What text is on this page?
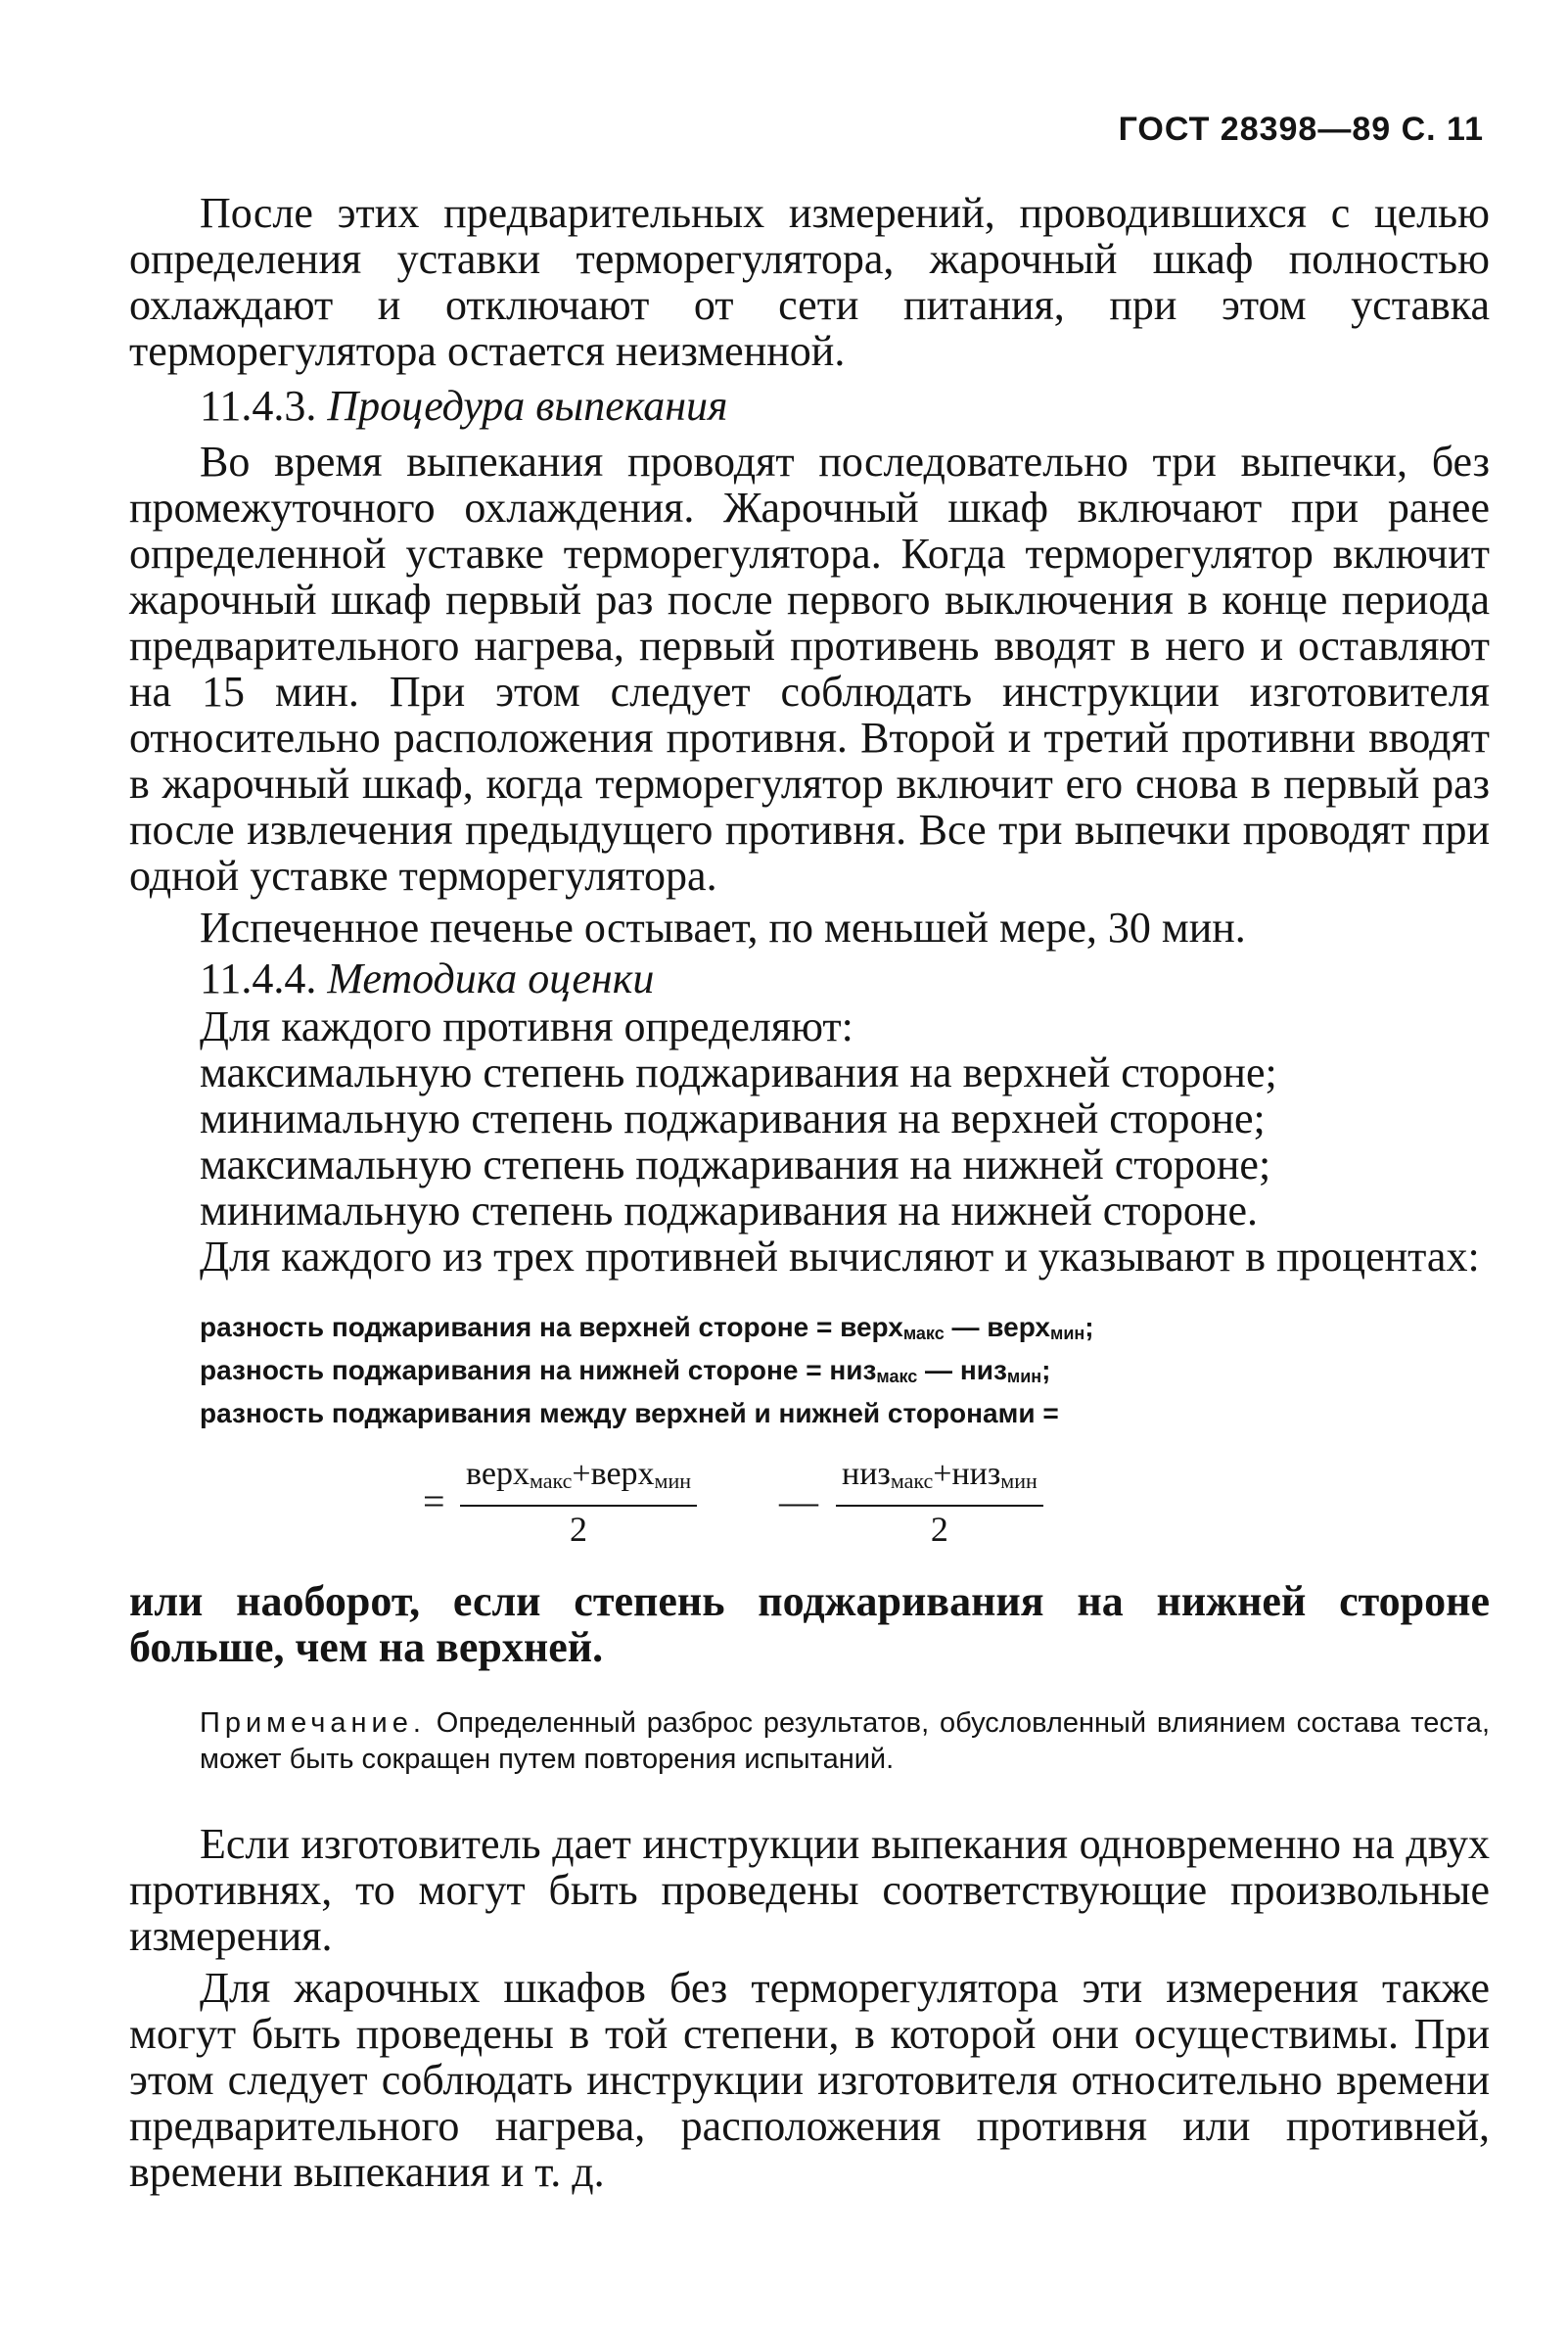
ГОСТ 28398—89 С. 11

После этих предварительных измерений, проводившихся с целью определения уставки терморегулятора, жарочный шкаф полностью охлаждают и отключают от сети питания, при этом уставка терморегулятора остается неизменной.

11.4.3. Процедура выпекания

Во время выпекания проводят последовательно три выпечки, без промежуточного охлаждения. Жарочный шкаф включают при ранее определенной уставке терморегулятора. Когда терморегулятор включит жарочный шкаф первый раз после первого выключения в конце периода предварительного нагрева, первый противень вводят в него и оставляют на 15 мин. При этом следует соблюдать инструкции изготовителя относительно расположения противня. Второй и третий противни вводят в жарочный шкаф, когда терморегулятор включит его снова в первый раз после извлечения предыдущего противня. Все три выпечки проводят при одной уставке терморегулятора.

Испеченное печенье остывает, по меньшей мере, 30 мин.

11.4.4. Методика оценки

Для каждого противня определяют:

максимальную степень поджаривания на верхней стороне;
минимальную степень поджаривания на верхней стороне;
максимальную степень поджаривания на нижней стороне;
минимальную степень поджаривания на нижней стороне.

Для каждого из трех противней вычисляют и указывают в процентах:

разность поджаривания на верхней стороне = верх$_{макс}$ — верх$_{мин}$;
разность поджаривания на нижней стороне = низ$_{макс}$ — низ$_{мин}$;
разность поджаривания между верхней и нижней сторонами =
=
верх$_{макс}$+верх$_{мин}$
2
—
низ$_{макс}$+низ$_{мин}$
2

или наоборот, если степень поджаривания на нижней стороне больше, чем на верхней.

Примечание. Определенный разброс результатов, обусловленный влиянием состава теста, может быть сокращен путем повторения испытаний.

Если изготовитель дает инструкции выпекания одновременно на двух противнях, то могут быть проведены соответствующие произвольные измерения.

Для жарочных шкафов без терморегулятора эти измерения также могут быть проведены в той степени, в которой они осуществимы. При этом следует соблюдать инструкции изготовителя относительно времени предварительного нагрева, расположения противня или противней, времени выпекания и т. д.
